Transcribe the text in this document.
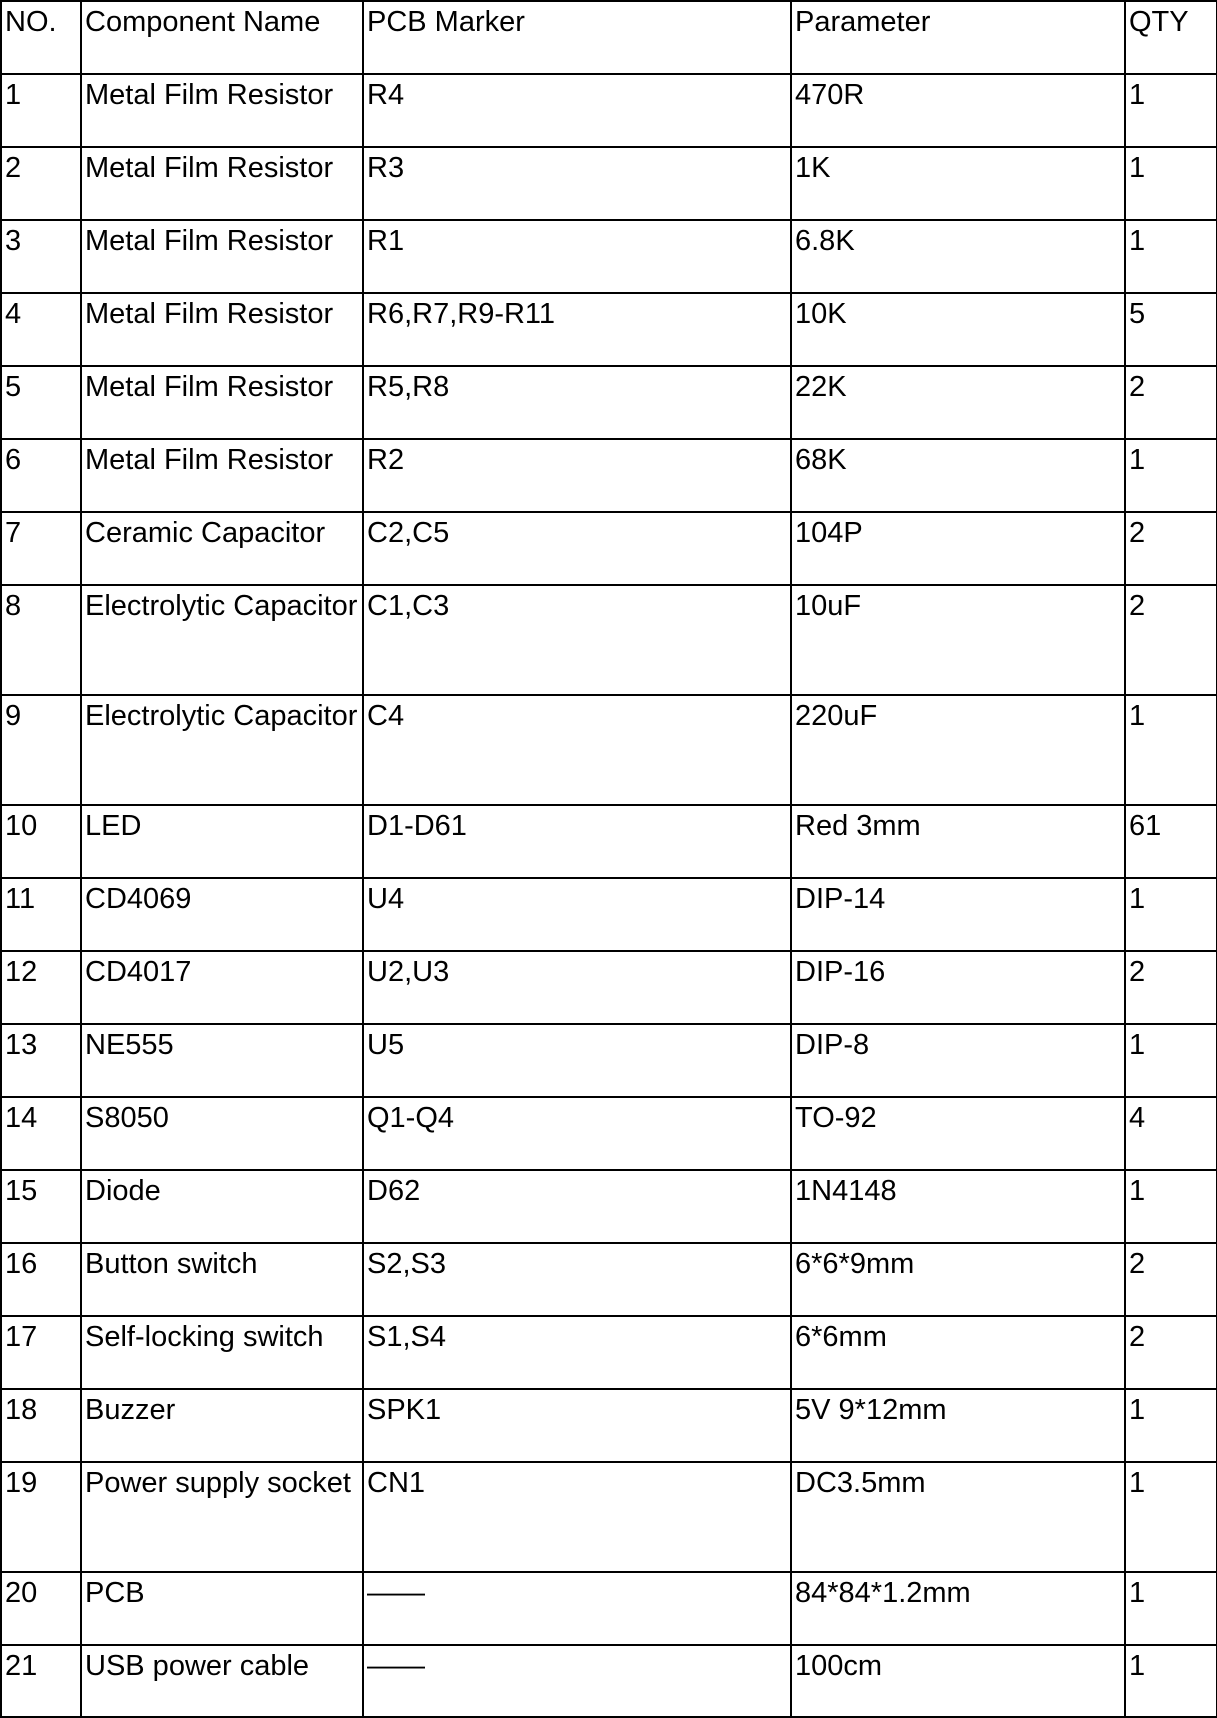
NO.	Component Name	PCB Marker	Parameter	QTY
1	Metal Film Resistor	R4	470R	1
2	Metal Film Resistor	R3	1K	1
3	Metal Film Resistor	R1	6.8K	1
4	Metal Film Resistor	R6,R7,R9-R11	10K	5
5	Metal Film Resistor	R5,R8	22K	2
6	Metal Film Resistor	R2	68K	1
7	Ceramic Capacitor	C2,C5	104P	2
8	Electrolytic Capacitor	C1,C3	10uF	2
9	Electrolytic Capacitor	C4	220uF	1
10	LED	D1-D61	Red 3mm	61
11	CD4069	U4	DIP-14	1
12	CD4017	U2,U3	DIP-16	2
13	NE555	U5	DIP-8	1
14	S8050	Q1-Q4	TO-92	4
15	Diode	D62	1N4148	1
16	Button switch	S2,S3	6*6*9mm	2
17	Self-locking switch	S1,S4	6*6mm	2
18	Buzzer	SPK1	5V 9*12mm	1
19	Power supply socket	CN1	DC3.5mm	1
20	PCB	——	84*84*1.2mm	1
21	USB power cable	——	100cm	1
